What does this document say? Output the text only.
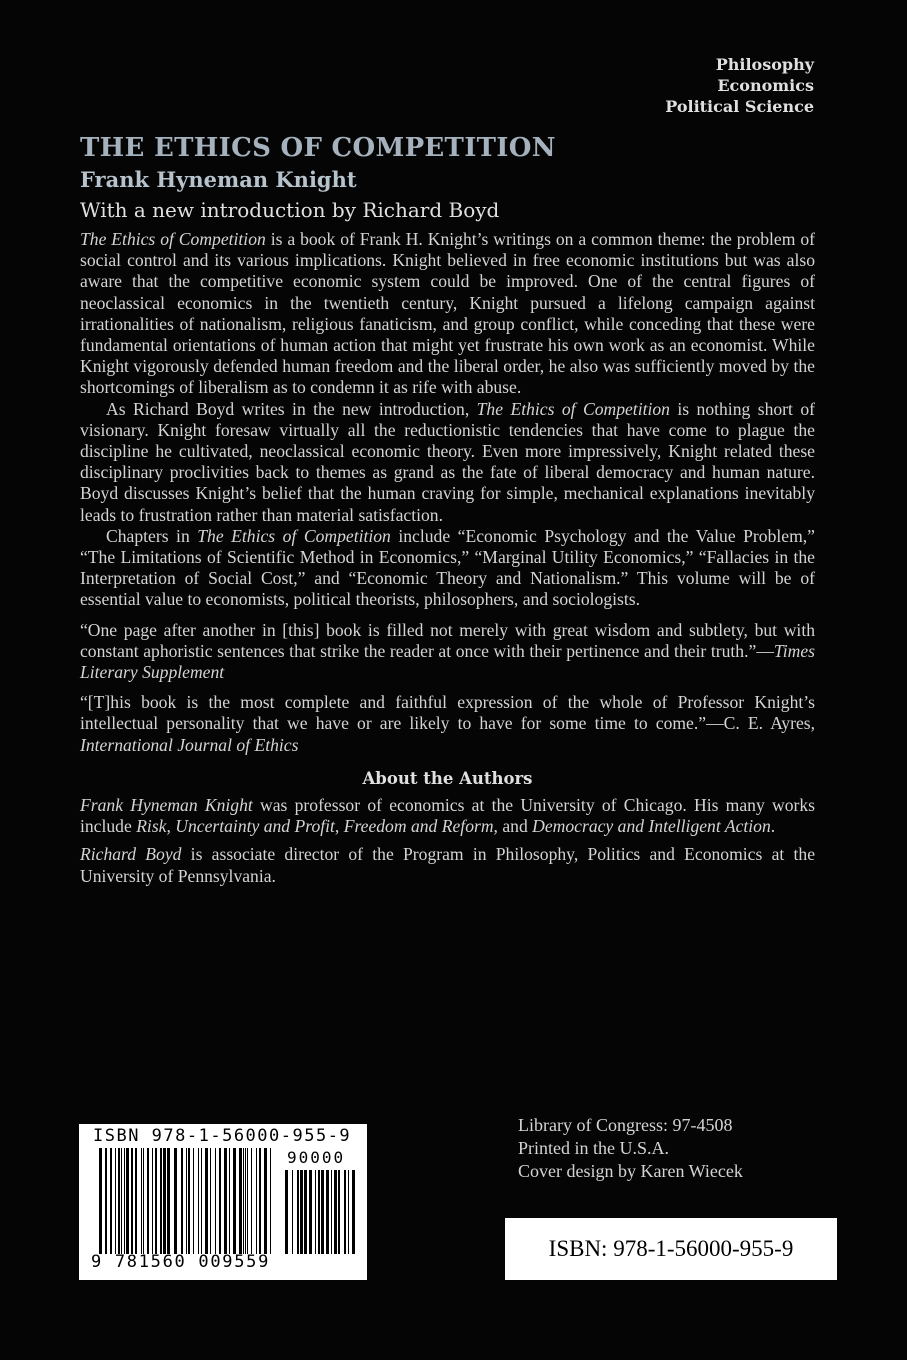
Philosophy
Economics
Political Science
THE ETHICS OF COMPETITION
Frank Hyneman Knight
With a new introduction by Richard Boyd

The Ethics of Competition is a book of Frank H. Knight’s writings on a common theme: the problem of social control and its various implications. Knight believed in free economic institutions but was also aware that the competitive economic system could be improved. One of the central figures of neoclassical economics in the twentieth century, Knight pursued a lifelong campaign against irrationalities of nationalism, religious fanaticism, and group conflict, while conceding that these were fundamental orientations of human action that might yet frustrate his own work as an economist. While Knight vigorously defended human freedom and the liberal order, he also was sufficiently moved by the shortcomings of liberalism as to condemn it as rife with abuse.

As Richard Boyd writes in the new introduction, The Ethics of Competition is nothing short of visionary. Knight foresaw virtually all the reductionistic tendencies that have come to plague the discipline he cultivated, neoclassical economic theory. Even more impressively, Knight related these disciplinary proclivities back to themes as grand as the fate of liberal democracy and human nature. Boyd discusses Knight’s belief that the human craving for simple, mechanical explanations inevitably leads to frustration rather than material satisfaction.

Chapters in The Ethics of Competition include “Economic Psychology and the Value Problem,” “The Limitations of Scientific Method in Economics,” “Marginal Utility Economics,” “Fallacies in the Interpretation of Social Cost,” and “Economic Theory and Nationalism.” This volume will be of essential value to economists, political theorists, philosophers, and sociologists.

“One page after another in [this] book is filled not merely with great wisdom and subtlety, but with constant aphoristic sentences that strike the reader at once with their pertinence and their truth.”—Times Literary Supplement

“[T]his book is the most complete and faithful expression of the whole of Professor Knight’s intellectual personality that we have or are likely to have for some time to come.”—C. E. Ayres, International Journal of Ethics

About the Authors

Frank Hyneman Knight was professor of economics at the University of Chicago. His many works include Risk, Uncertainty and Profit, Freedom and Reform, and Democracy and Intelligent Action.

Richard Boyd is associate director of the Program in Philosophy, Politics and Economics at the University of Pennsylvania.

ISBN 978-1-56000-955-9
90000
9 781560 009559
Library of Congress: 97-4508
Printed in the U.S.A.
Cover design by Karen Wiecek
ISBN: 978-1-56000-955-9
